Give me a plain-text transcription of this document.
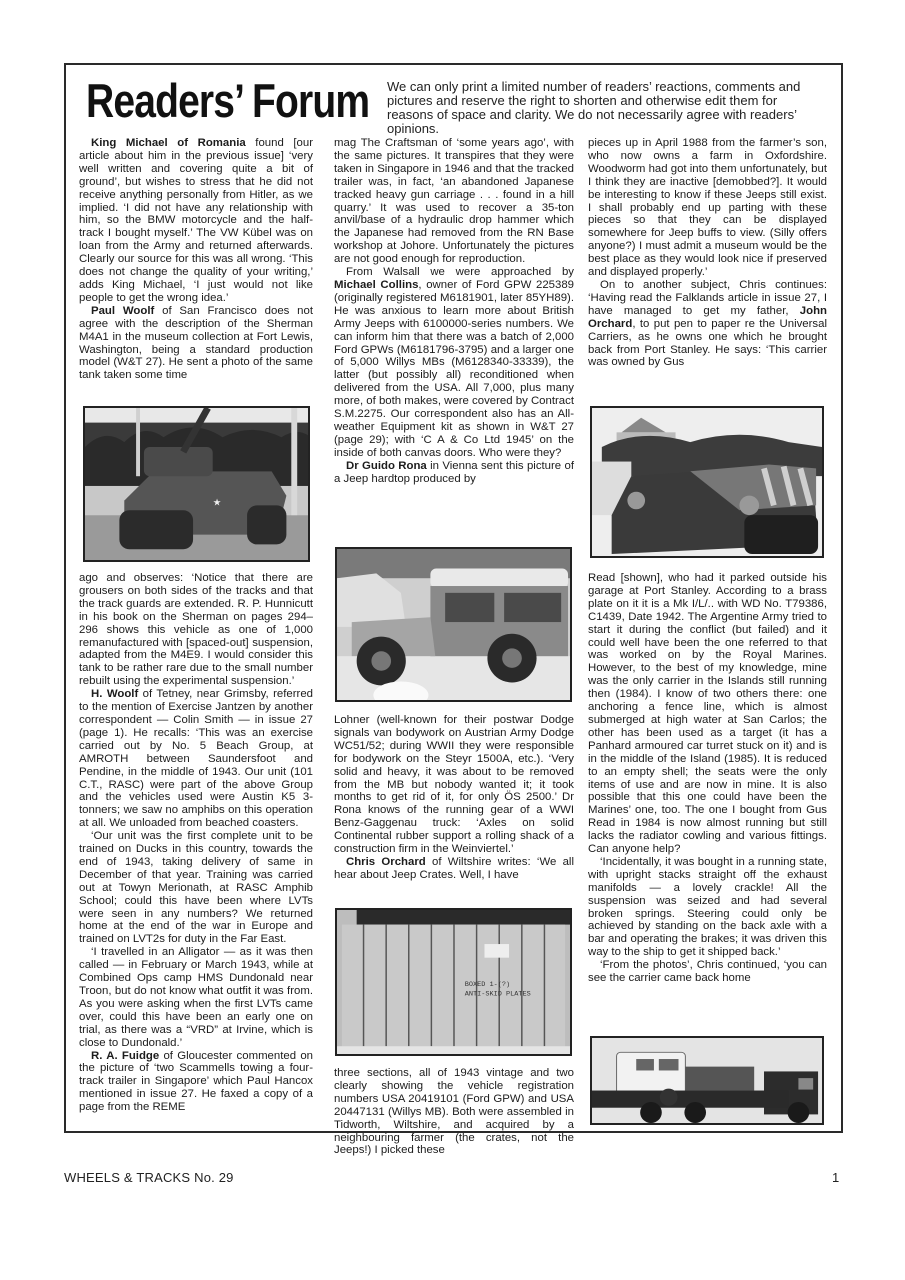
Readers’ Forum We can only print a limited number of readers’ reactions, comments and pictures and reserve the right to shorten and otherwise edit them for reasons of space and clarity. We do not necessarily agree with readers’ opinions.

King Michael of Romania found [our article about him in the previous issue] ‘very well written and covering quite a bit of ground’, but wishes to stress that he did not receive anything personally from Hitler, as we implied. ‘I did not have any relationship with him, so the BMW motorcycle and the half-track I bought myself.’ The VW Kübel was on loan from the Army and returned afterwards. Clearly our source for this was all wrong. ‘This does not change the quality of your writing,’ adds King Michael, ‘I just would not like people to get the wrong idea.’

Paul Woolf of San Francisco does not agree with the description of the Sherman M4A1 in the museum collection at Fort Lewis, Washington, being a standard production model (W&T 27). He sent a photo of the same tank taken some time

★

ago and observes: ‘Notice that there are grousers on both sides of the tracks and that the track guards are extended. R. P. Hunnicutt in his book on the Sherman on pages 294–296 shows this vehicle as one of 1,000 remanufactured with [spaced-out] suspension, adapted from the M4E9. I would consider this tank to be rather rare due to the small number rebuilt using the experimental suspension.’

H. Woolf of Tetney, near Grimsby, referred to the mention of Exercise Jantzen by another correspondent — Colin Smith — in issue 27 (page 1). He recalls: ‘This was an exercise carried out by No. 5 Beach Group, at AMROTH between Saundersfoot and Pendine, in the middle of 1943. Our unit (101 C.T., RASC) were part of the above Group and the vehicles used were Austin K5 3-tonners; we saw no amphibs on this operation at all. We unloaded from beached coasters.

‘Our unit was the first complete unit to be trained on Ducks in this country, towards the end of 1943, taking delivery of same in December of that year. Training was carried out at Towyn Merionath, at RASC Amphib School; could this have been where LVTs were seen in any numbers? We returned home at the end of the war in Europe and trained on LVT2s for duty in the Far East.

‘I travelled in an Alligator — as it was then called — in February or March 1943, while at Combined Ops camp HMS Dundonald near Troon, but do not know what outfit it was from. As you were asking when the first LVTs came over, could this have been an early one on trial, as there was a “VRD” at Irvine, which is close to Dundonald.’

R. A. Fuidge of Gloucester commented on the picture of ‘two Scammells towing a four-track trailer in Singapore’ which Paul Hancox mentioned in issue 27. He faxed a copy of a page from the REME

mag The Craftsman of ‘some years ago’, with the same pictures. It transpires that they were taken in Singapore in 1946 and that the tracked trailer was, in fact, ‘an abandoned Japanese tracked heavy gun carriage . . . found in a hill quarry.’ It was used to recover a 35-ton anvil/base of a hydraulic drop hammer which the Japanese had removed from the RN Base workshop at Johore. Unfortunately the pictures are not good enough for reproduction.

From Walsall we were approached by Michael Collins, owner of Ford GPW 225389 (originally registered M6181901, later 85YH89). He was anxious to learn more about British Army Jeeps with 6100000-series numbers. We can inform him that there was a batch of 2,000 Ford GPWs (M6181796-3795) and a larger one of 5,000 Willys MBs (M6128340-33339), the latter (but possibly all) reconditioned when delivered from the USA. All 7,000, plus many more, of both makes, were covered by Contract S.M.2275. Our correspondent also has an All-weather Equipment kit as shown in W&T 27 (page 29); with ‘C A & Co Ltd 1945’ on the inside of both canvas doors. Who were they?

Dr Guido Rona in Vienna sent this picture of a Jeep hardtop produced by

Lohner (well-known for their postwar Dodge signals van bodywork on Austrian Army Dodge WC51/52; during WWII they were responsible for bodywork on the Steyr 1500A, etc.). ‘Very solid and heavy, it was about to be removed from the MB but nobody wanted it; it took months to get rid of it, for only ÖS 2500.’ Dr Rona knows of the running gear of a WWI Benz-Gaggenau truck: ‘Axles on solid Continental rubber support a rolling shack of a construction firm in the Weinviertel.’

Chris Orchard of Wiltshire writes: ‘We all hear about Jeep Crates. Well, I have

BOXED 1-(?)
ANTI-SKID PLATES

three sections, all of 1943 vintage and two clearly showing the vehicle registration numbers USA 20419101 (Ford GPW) and USA 20447131 (Willys MB). Both were assembled in Tidworth, Wiltshire, and acquired by a neighbouring farmer (the crates, not the Jeeps!) I picked these

pieces up in April 1988 from the farmer’s son, who now owns a farm in Oxfordshire. Woodworm had got into them unfortunately, but I think they are inactive [demobbed?]. It would be interesting to know if these Jeeps still exist. I shall probably end up parting with these pieces so that they can be displayed somewhere for Jeep buffs to view. (Silly offers anyone?) I must admit a museum would be the best place as they would look nice if preserved and displayed properly.’

On to another subject, Chris continues: ‘Having read the Falklands article in issue 27, I have managed to get my father, John Orchard, to put pen to paper re the Universal Carriers, as he owns one which he brought back from Port Stanley. He says: ‘This carrier was owned by Gus

Read [shown], who had it parked outside his garage at Port Stanley. According to a brass plate on it it is a Mk I/L/.. with WD No. T79386, C1439, Date 1942. The Argentine Army tried to start it during the conflict (but failed) and it could well have been the one referred to that was worked on by the Royal Marines. However, to the best of my knowledge, mine was the only carrier in the Islands still running then (1984). I know of two others there: one anchoring a fence line, which is almost submerged at high water at San Carlos; the other has been used as a target (it has a Panhard armoured car turret stuck on it) and is in the middle of the Island (1985). It is reduced to an empty shell; the seats were the only items of use and are now in mine. It is also possible that this one could have been the Marines’ one, too. The one I bought from Gus Read in 1984 is now almost running but still lacks the radiator cowling and various fittings. Can anyone help?

‘Incidentally, it was bought in a running state, with upright stacks straight off the exhaust manifolds — a lovely crackle! All the suspension was seized and had several broken springs. Steering could only be achieved by standing on the back axle with a bar and operating the brakes; it was driven this way to the ship to get it shipped back.’

‘From the photos’, Chris continued, ‘you can see the carrier came back home

WHEELS & TRACKS No. 29	1
